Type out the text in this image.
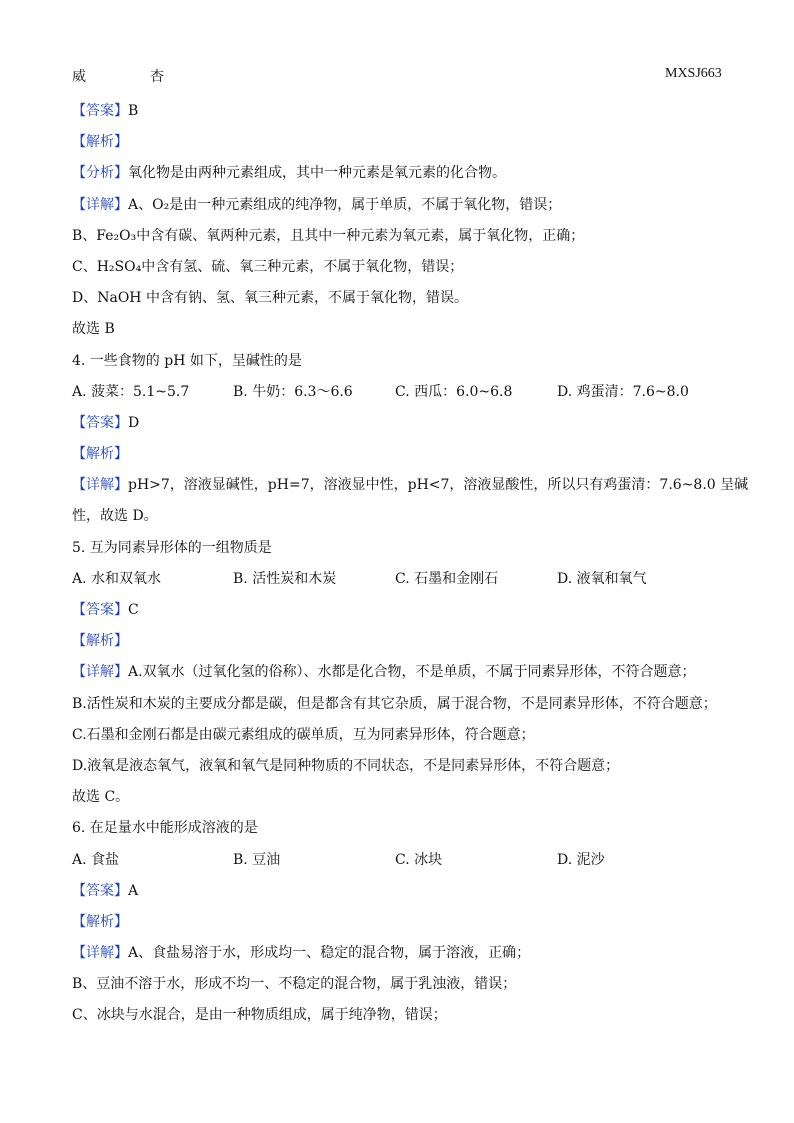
威	杏	MXSJ663
【答案】B
【解析】
【分析】氧化物是由两种元素组成，其中一种元素是氧元素的化合物。
【详解】A、O₂是由一种元素组成的纯净物，属于单质，不属于氧化物，错误；
B、Fe₂O₃中含有碳、氧两种元素，且其中一种元素为氧元素，属于氧化物，正确；
C、H₂SO₄中含有氢、硫、氧三种元素，不属于氧化物，错误；
D、NaOH 中含有钠、氢、氧三种元素，不属于氧化物，错误。
故选 B
4. 一些食物的 pH 如下，呈碱性的是
A. 菠菜：5.1~5.7	B. 牛奶：6.3～6.6	C. 西瓜：6.0~6.8	D. 鸡蛋清：7.6~8.0
【答案】D
【解析】
【详解】pH>7，溶液显碱性，pH=7，溶液显中性，pH<7，溶液显酸性，所以只有鸡蛋清：7.6~8.0 呈碱
性，故选 D。
5. 互为同素异形体的一组物质是
A. 水和双氧水	B. 活性炭和木炭	C. 石墨和金刚石	D. 液氧和氧气
【答案】C
【解析】
【详解】A.双氧水（过氧化氢的俗称）、水都是化合物，不是单质，不属于同素异形体，不符合题意；
B.活性炭和木炭的主要成分都是碳，但是都含有其它杂质，属于混合物，不是同素异形体，不符合题意；
C.石墨和金刚石都是由碳元素组成的碳单质，互为同素异形体，符合题意；
D.液氧是液态氧气，液氧和氧气是同种物质的不同状态，不是同素异形体，不符合题意；
故选 C。
6. 在足量水中能形成溶液的是
A. 食盐	B. 豆油	C. 冰块	D. 泥沙
【答案】A
【解析】
【详解】A、食盐易溶于水，形成均一、稳定的混合物，属于溶液，正确；
B、豆油不溶于水，形成不均一、不稳定的混合物，属于乳浊液，错误；
C、冰块与水混合，是由一种物质组成，属于纯净物，错误；
